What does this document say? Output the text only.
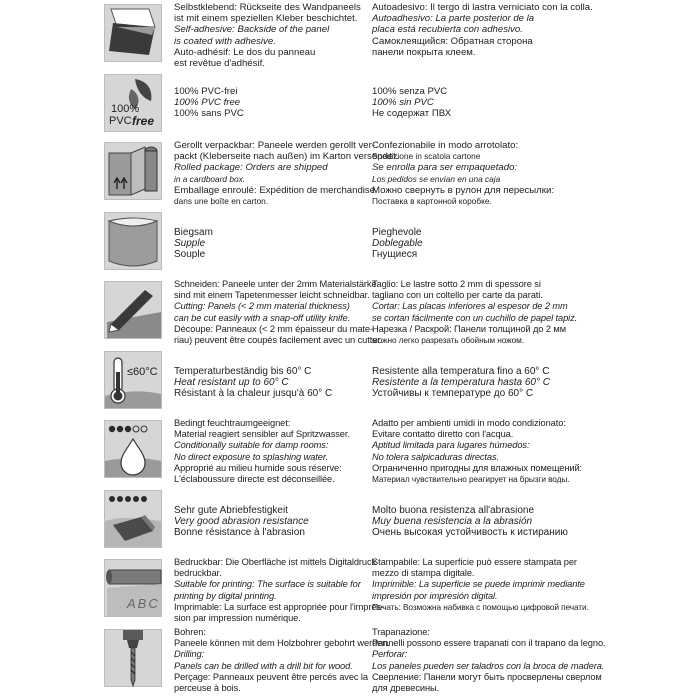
Selbstklebend: Rückseite des Wandpaneels
ist mit einem speziellen Kleber beschichtet.
Self-adhesive: Backside of the panel
is coated with adhesive.
Auto-adhésif: Le dos du panneau
est revêtue d'adhésif.
Autoadesivo: Il tergo di lastra verniciato con la colla.
Autoadhesivo: La parte posterior de la
placa está recubierta con adhesivo.
Самоклеящийся: Обратная сторона
панели покрыта клеем.
100%
PVC free
100% PVC-frei
100% PVC free
100% sans PVC
100% senza PVC
100% sin PVC
Не содержат ПВХ
Gerollt verpackbar: Paneele werden gerollt ver-
packt (Kleberseite nach außen) im Karton versendet.
Rolled package: Orders are shipped
in a cardboard box.
Emballage enroulé: Expédition de merchandise
dans une boîte en carton.
Confezionabile in modo arrotolato:
Spedizione in scatola cartone
Se enrolla para ser empaquetado:
Los pedidos se envían en una caja
Можно свернуть в рулон для пересылки:
Поставка в картонной коробке.
Biegsam
Supple
Souple
Pieghevole
Doblegable
Гнущиеся
Schneiden: Paneele unter der 2mm Materialstärke
sind mit einem Tapetenmesser leicht schneidbar.
Cutting: Panels (< 2 mm material thickness)
can be cut easily with a snap-off utility knife.
Découpe: Panneaux (< 2 mm épaisseur du mate-
riau) peuvent être coupés facilement avec un cutter.
Taglio: Le lastre sotto 2 mm di spessore si
tagliano con un coltello per carte da parati.
Cortar: Las placas inferiores al espesor de 2 mm
se cortan fácilmente con un cuchillo de papel tapiz.
Нарезка / Раскрой: Панели толщиной до 2 мм
можно легко разрезать обойным ножом.
≤60°C Temperaturbeständig bis 60° C
Heat resistant up to 60° C
Résistant à la chaleur jusqu'à 60° C
Resistente alla temperatura fino a 60° C
Resistente a la temperatura hasta 60° C
Устойчивы к температуре до 60° C
Bedingt feuchtraumgeeignet:
Material reagiert sensibler auf Spritzwasser.
Conditionally suitable for damp rooms:
No direct exposure to splashing water.
Approprié au milieu humide sous réserve:
L'éclaboussure directe est déconseillée.
Adatto per ambienti umidi in modo condizionato:
Evitare contatto diretto con l'acqua.
Aptitud limitada para lugares húmedos:
No tolera salpicaduras directas.
Ограниченно пригодны для влажных помещений:
Материал чувствительно реагирует на брызги воды.
Sehr gute Abriebfestigkeit
Very good abrasion resistance
Bonne résistance à l'abrasion
Molto buona resistenza all'abrasione
Muy buena resistencia a la abrasión
Очень высокая устойчивость к истиранию
ABC
Bedruckbar: Die Oberfläche ist mittels Digitaldruck
bedruckbar.
Suitable for printing: The surface is suitable for
printing by digital printing.
Imprimable: La surface est appropriée pour l'impres-
sion par impression numérique.
Stampabile: La superficie può essere stampata per
mezzo di stampa digitale.
Imprimible: La superficie se puede imprimir mediante
impresión por impresión digital.
Печать: Возможна набивка с помощью цифровой печати.
Bohren:
Paneele können mit dem Holzbohrer gebohrt werden.
Drilling:
Panels can be drilled with a drill bit for wood.
Perçage: Panneaux peuvent être percés avec la
perceuse à bois.
Trapanazione:
Pannelli possono essere trapanati con il trapano da legno.
Perforar:
Los paneles pueden ser taladros con la broca de madera.
Сверление: Панели могут быть просверлены сверлом
для древесины.
